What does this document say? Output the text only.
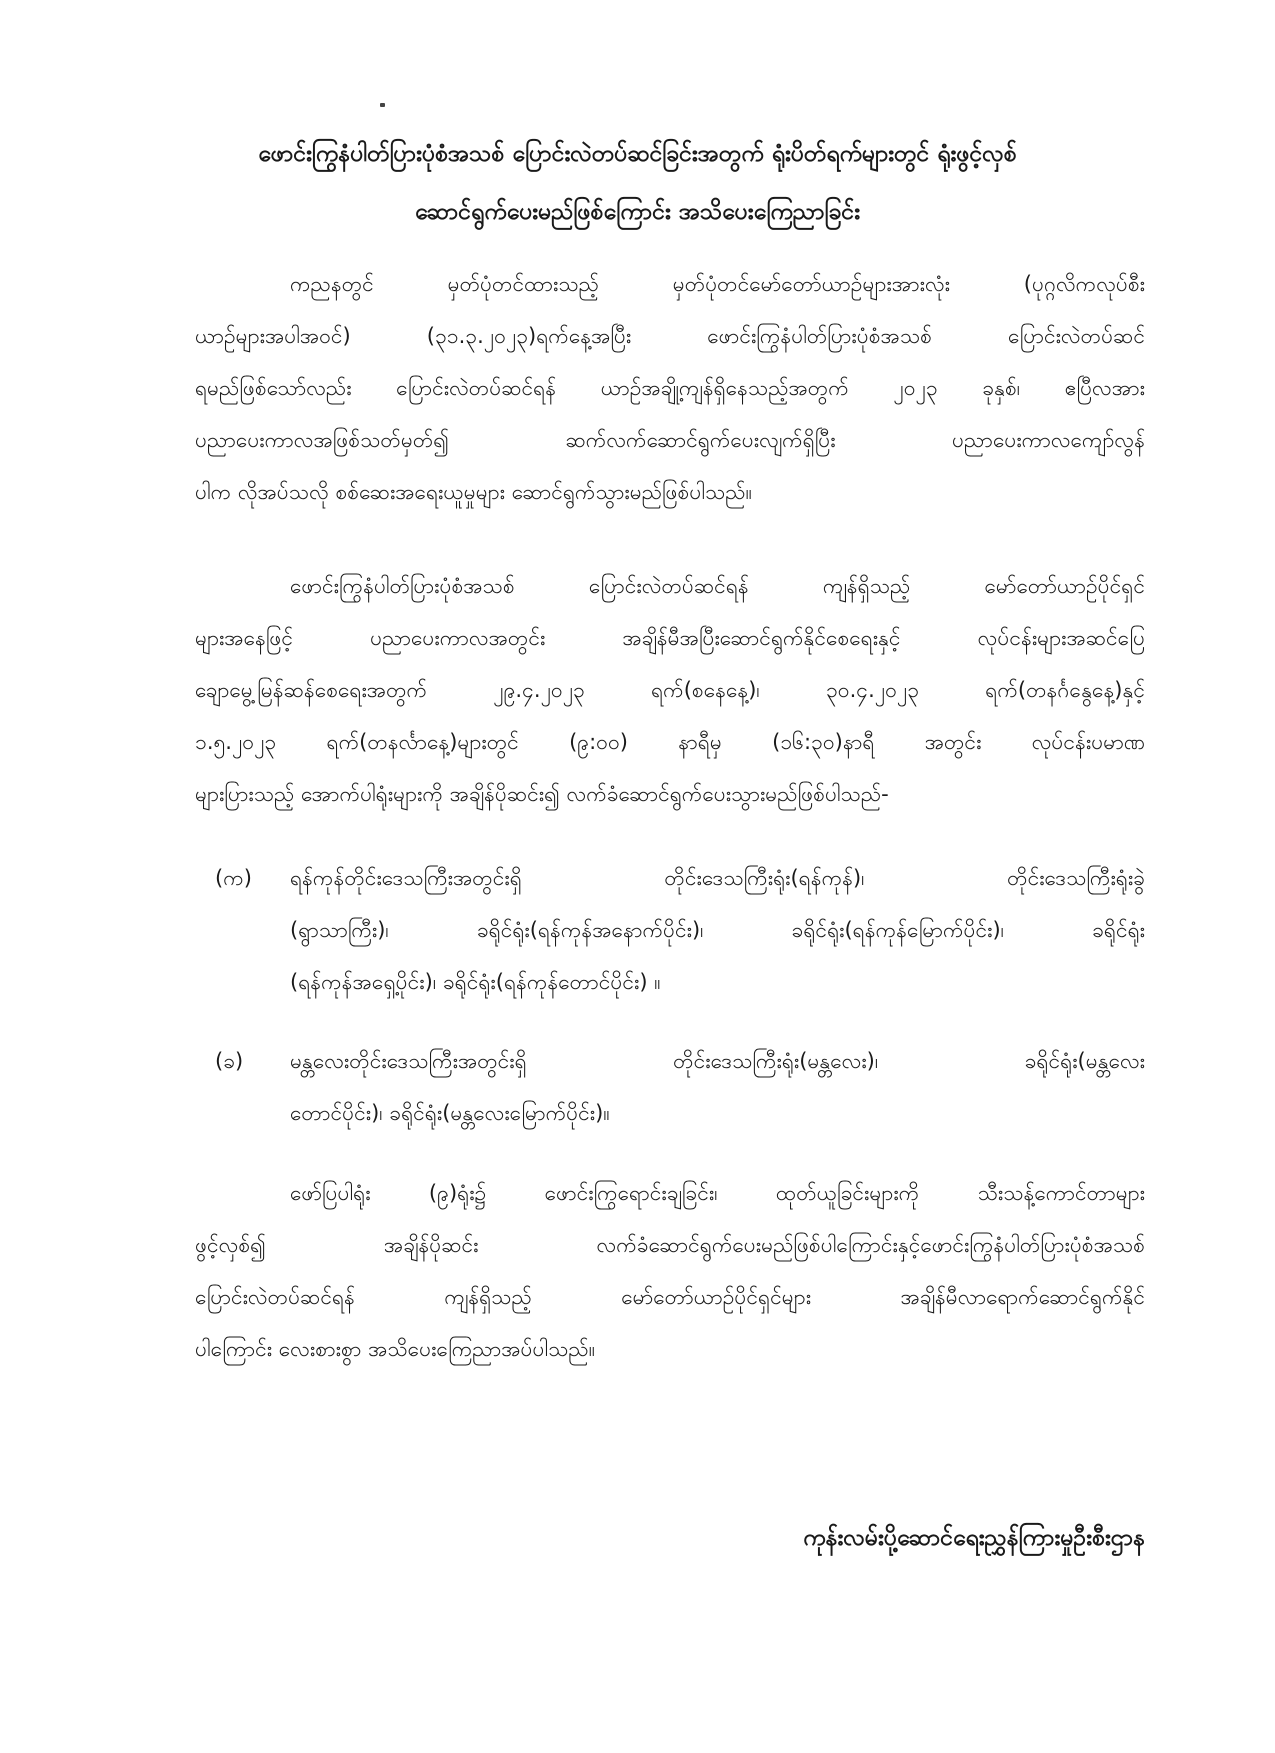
ဖောင်းကြွနံပါတ်ပြားပုံစံအသစ် ပြောင်းလဲတပ်ဆင်ခြင်းအတွက် ရုံးပိတ်ရက်များတွင် ရုံးဖွင့်လှစ်
ဆောင်ရွက်ပေးမည်ဖြစ်ကြောင်း အသိပေးကြေညာခြင်း
ကညနတွင် မှတ်ပုံတင်ထားသည့် မှတ်ပုံတင်မော်တော်ယာဉ်များအားလုံး (ပုဂ္ဂလိကလုပ်စီး
ယာဉ်များအပါအဝင်) (၃၁.၃.၂၀၂၃)ရက်နေ့အပြီး ဖောင်းကြွနံပါတ်ပြားပုံစံအသစ် ပြောင်းလဲတပ်ဆင်
ရမည်ဖြစ်သော်လည်း ပြောင်းလဲတပ်ဆင်ရန် ယာဉ်အချို့ကျန်ရှိနေသည့်အတွက် ၂၀၂၃ ခုနှစ်၊ ဧပြီလအား
ပညာပေးကာလအဖြစ်သတ်မှတ်၍ ဆက်လက်ဆောင်ရွက်ပေးလျက်ရှိပြီး ပညာပေးကာလကျော်လွန်
ပါက လိုအပ်သလို စစ်ဆေးအရေးယူမှုများ ဆောင်ရွက်သွားမည်ဖြစ်ပါသည်။
ဖောင်းကြွနံပါတ်ပြားပုံစံအသစ် ပြောင်းလဲတပ်ဆင်ရန် ကျန်ရှိသည့် မော်တော်ယာဉ်ပိုင်ရှင်
များအနေဖြင့် ပညာပေးကာလအတွင်း အချိန်မီအပြီးဆောင်ရွက်နိုင်စေရေးနှင့် လုပ်ငန်းများအဆင်ပြေ
ချောမွေ့မြန်ဆန်စေရေးအတွက် ၂၉.၄.၂၀၂၃ ရက်(စနေနေ့)၊ ၃၀.၄.၂၀၂၃ ရက်(တနင်္ဂနွေနေ့)နှင့်
၁.၅.၂၀၂၃ ရက်(တနင်္လာနေ့)များတွင် (၉:၀၀) နာရီမှ (၁၆:၃၀)နာရီ အတွင်း လုပ်ငန်းပမာဏ
များပြားသည့် အောက်ပါရုံးများကို အချိန်ပိုဆင်း၍ လက်ခံဆောင်ရွက်ပေးသွားမည်ဖြစ်ပါသည်-
(က)	ရန်ကုန်တိုင်းဒေသကြီးအတွင်းရှိ တိုင်းဒေသကြီးရုံး(ရန်ကုန်)၊ တိုင်းဒေသကြီးရုံးခွဲ
(ရွာသာကြီး)၊ ခရိုင်ရုံး(ရန်ကုန်အနောက်ပိုင်း)၊ ခရိုင်ရုံး(ရန်ကုန်မြောက်ပိုင်း)၊ ခရိုင်ရုံး
(ရန်ကုန်အရှေ့ပိုင်း)၊ ခရိုင်ရုံး(ရန်ကုန်တောင်ပိုင်း) ။
(ခ)	မန္တလေးတိုင်းဒေသကြီးအတွင်းရှိ တိုင်းဒေသကြီးရုံး(မန္တလေး)၊ ခရိုင်ရုံး(မန္တလေး
တောင်ပိုင်း)၊ ခရိုင်ရုံး(မန္တလေးမြောက်ပိုင်း)။
ဖော်ပြပါရုံး (၉)ရုံး၌ ဖောင်းကြွရောင်းချခြင်း၊ ထုတ်ယူခြင်းများကို သီးသန့်ကောင်တာများ
ဖွင့်လှစ်၍ အချိန်ပိုဆင်း လက်ခံဆောင်ရွက်ပေးမည်ဖြစ်ပါကြောင်းနှင့်ဖောင်းကြွနံပါတ်ပြားပုံစံအသစ်
ပြောင်းလဲတပ်ဆင်ရန် ကျန်ရှိသည့် မော်တော်ယာဉ်ပိုင်ရှင်များ အချိန်မီလာရောက်ဆောင်ရွက်နိုင်
ပါကြောင်း လေးစားစွာ အသိပေးကြေညာအပ်ပါသည်။
ကုန်းလမ်းပို့ဆောင်ရေးညွှန်ကြားမှုဦးစီးဌာန
